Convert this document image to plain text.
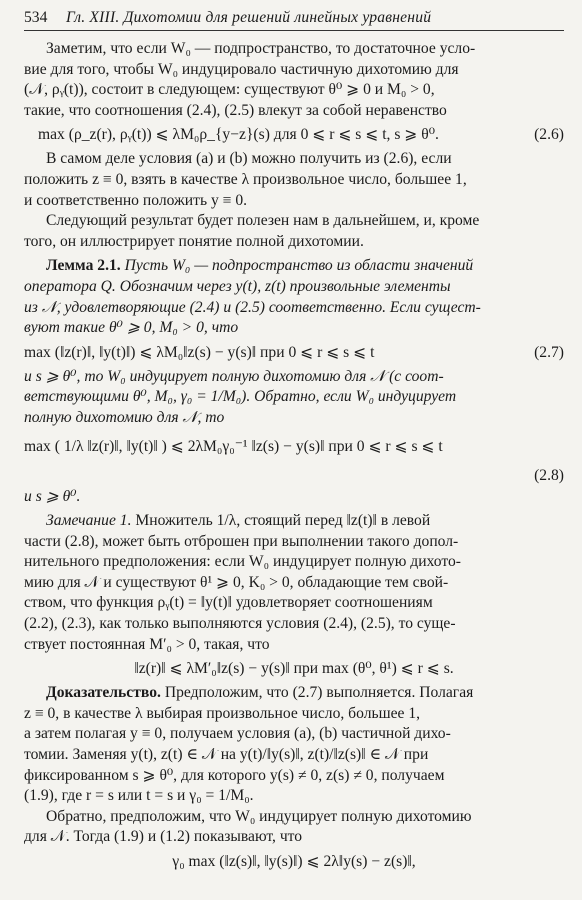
534	Гл. XIII. Дихотомии для решений линейных уравнений

Заметим, что если W₀ — подпространство, то достаточное усло-

вие для того, чтобы W₀ индуцировало частичную дихотомию для

(𝒩, ρᵧ(t)), состоит в следующем: существуют θ⁰ ⩾ 0 и M₀ > 0,

такие, что соотношения (2.4), (2.5) влекут за собой неравенство

max (ρ_z(r), ρᵧ(t)) ⩽ λM₀ρ_{y−z}(s) для 0 ⩽ r ⩽ s ⩽ t, s ⩾ θ⁰.	(2.6)

В самом деле условия (a) и (b) можно получить из (2.6), если

положить z ≡ 0, взять в качестве λ произвольное число, большее 1,

и соответственно положить y ≡ 0.

Следующий результат будет полезен нам в дальнейшем, и, кроме

того, он иллюстрирует понятие полной дихотомии.

Лемма 2.1. Пусть W₀ — подпространство из области значений

оператора Q. Обозначим через y(t), z(t) произвольные элементы

из 𝒩, удовлетворяющие (2.4) и (2.5) соответственно. Если сущест-

вуют такие θ⁰ ⩾ 0, M₀ > 0, что

max (‖z(r)‖, ‖y(t)‖) ⩽ λM₀‖z(s) − y(s)‖ при 0 ⩽ r ⩽ s ⩽ t	(2.7)

и s ⩾ θ⁰, то W₀ индуцирует полную дихотомию для 𝒩 (с соот-

ветствующими θ⁰, M₀, γ₀ = 1/M₀). Обратно, если W₀ индуцирует

полную дихотомию для 𝒩, то

max ( 1/λ ‖z(r)‖, ‖y(t)‖ ) ⩽ 2λM₀γ₀⁻¹ ‖z(s) − y(s)‖ при 0 ⩽ r ⩽ s ⩽ t
(2.8)

и s ⩾ θ⁰.

Замечание 1. Множитель 1/λ, стоящий перед ‖z(t)‖ в левой

части (2.8), может быть отброшен при выполнении такого допол-

нительного предположения: если W₀ индуцирует полную дихото-

мию для 𝒩 и существуют θ¹ ⩾ 0, K₀ > 0, обладающие тем свой-

ством, что функция ρᵧ(t) = ‖y(t)‖ удовлетворяет соотношениям

(2.2), (2.3), как только выполняются условия (2.4), (2.5), то суще-

ствует постоянная M′₀ > 0, такая, что

‖z(r)‖ ⩽ λM′₀‖z(s) − y(s)‖ при max (θ⁰, θ¹) ⩽ r ⩽ s.

Доказательство. Предположим, что (2.7) выполняется. Полагая

z ≡ 0, в качестве λ выбирая произвольное число, большее 1,

а затем полагая y ≡ 0, получаем условия (a), (b) частичной дихо-

томии. Заменяя y(t), z(t) ∈ 𝒩 на y(t)/‖y(s)‖, z(t)/‖z(s)‖ ∈ 𝒩 при

фиксированном s ⩾ θ⁰, для которого y(s) ≠ 0, z(s) ≠ 0, получаем

(1.9), где r = s или t = s и γ₀ = 1/M₀.

Обратно, предположим, что W₀ индуцирует полную дихотомию

для 𝒩. Тогда (1.9) и (1.2) показывают, что

γ₀ max (‖z(s)‖, ‖y(s)‖) ⩽ 2λ‖y(s) − z(s)‖,
